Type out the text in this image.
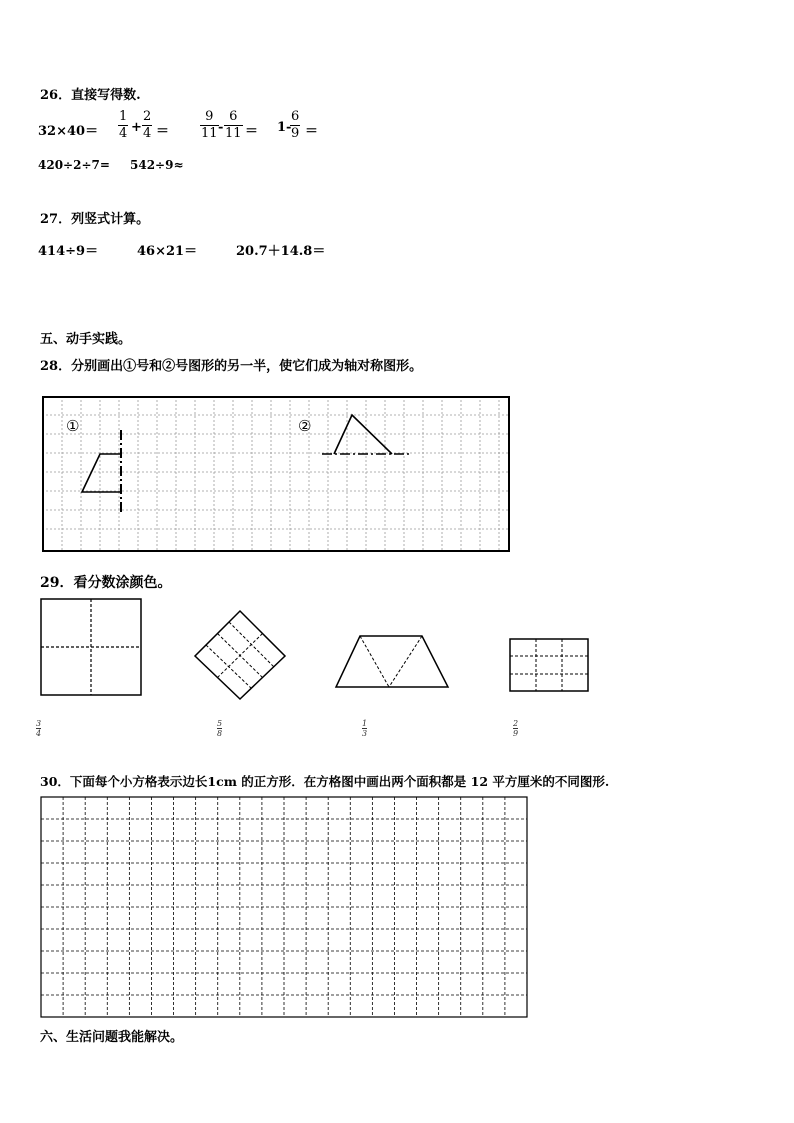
26．直接写得数.
32×40＝
1
4 +
2
4 ＝
9
11 -
6
11 ＝ 1-
6
9 ＝
420÷2÷7= 542÷9≈
27．列竖式计算。
414÷9＝	46×21＝	20.7＋14.8＝
五、动手实践。
28．分别画出①号和②号图形的另一半，使它们成为轴对称图形。
①	②
29．看分数涂颜色。
3
4
5
8
1
3
2
9
30．下面每个小方格表示边长1cm 的正方形．在方格图中画出两个面积都是 12 平方厘米的不同图形.
六、生活问题我能解决。
